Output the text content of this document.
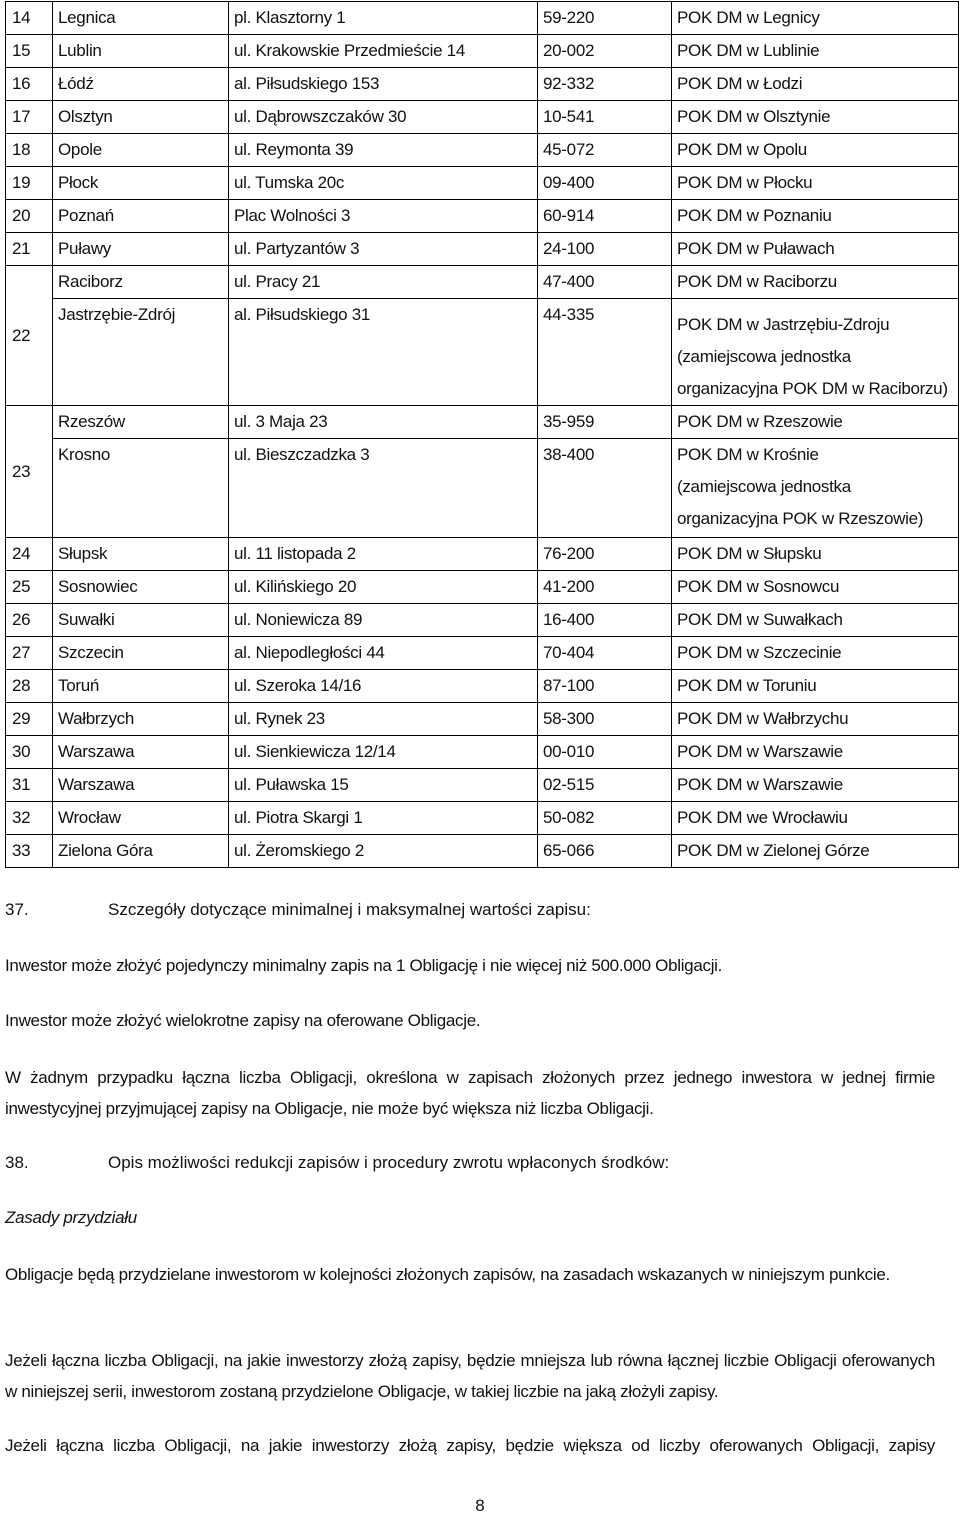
14	Legnica	pl. Klasztorny 1	59-220	POK DM w Legnicy
15	Lublin	ul. Krakowskie Przedmieście 14	20-002	POK DM w Lublinie
16	Łódź	al. Piłsudskiego 153	92-332	POK DM w Łodzi
17	Olsztyn	ul. Dąbrowszczaków 30	10-541	POK DM w Olsztynie
18	Opole	ul. Reymonta 39	45-072	POK DM w Opolu
19	Płock	ul. Tumska 20c	09-400	POK DM w Płocku
20	Poznań	Plac Wolności 3	60-914	POK DM w Poznaniu
21	Puławy	ul. Partyzantów 3	24-100	POK DM w Puławach
22	Raciborz	ul. Pracy 21	47-400	POK DM w Raciborzu
	Jastrzębie-Zdrój	al. Piłsudskiego 31	44-335	POK DM w Jastrzębiu-Zdroju
(zamiejscowa jednostka
organizacyjna POK DM w Raciborzu)

23	Rzeszów	ul. 3 Maja 23	35-959	POK DM w Rzeszowie
	Krosno	ul. Bieszczadzka 3	38-400	POK DM w Krośnie
(zamiejscowa jednostka
organizacyjna POK w Rzeszowie)

24	Słupsk	ul. 11 listopada 2	76-200	POK DM w Słupsku
25	Sosnowiec	ul. Kilińskiego 20	41-200	POK DM w Sosnowcu
26	Suwałki	ul. Noniewicza 89	16-400	POK DM w Suwałkach
27	Szczecin	al. Niepodległości 44	70-404	POK DM w Szczecinie
28	Toruń	ul. Szeroka 14/16	87-100	POK DM w Toruniu
29	Wałbrzych	ul. Rynek 23	58-300	POK DM w Wałbrzychu
30	Warszawa	ul. Sienkiewicza 12/14	00-010	POK DM w Warszawie
31	Warszawa	ul. Puławska 15	02-515	POK DM w Warszawie
32	Wrocław	ul. Piotra Skargi 1	50-082	POK DM we Wrocławiu
33	Zielona Góra	ul. Żeromskiego 2	65-066	POK DM w Zielonej Górze
37.	Szczegóły dotyczące minimalnej i maksymalnej wartości zapisu:
Inwestor może złożyć pojedynczy minimalny zapis na 1 Obligację i nie więcej niż 500.000 Obligacji.
Inwestor może złożyć wielokrotne zapisy na oferowane Obligacje.
W żadnym przypadku łączna liczba Obligacji, określona w zapisach złożonych przez jednego inwestora w jednej firmie inwestycyjnej przyjmującej zapisy na Obligacje, nie może być większa niż liczba Obligacji.
38.	Opis możliwości redukcji zapisów i procedury zwrotu wpłaconych środków:
Zasady przydziału
Obligacje będą przydzielane inwestorom w kolejności złożonych zapisów, na zasadach wskazanych w niniejszym punkcie.
Jeżeli łączna liczba Obligacji, na jakie inwestorzy złożą zapisy, będzie mniejsza lub równa łącznej liczbie Obligacji oferowanych w niniejszej serii, inwestorom zostaną przydzielone Obligacje, w takiej liczbie na jaką złożyli zapisy.
Jeżeli łączna liczba Obligacji, na jakie inwestorzy złożą zapisy, będzie większa od liczby oferowanych Obligacji, zapisy
8
